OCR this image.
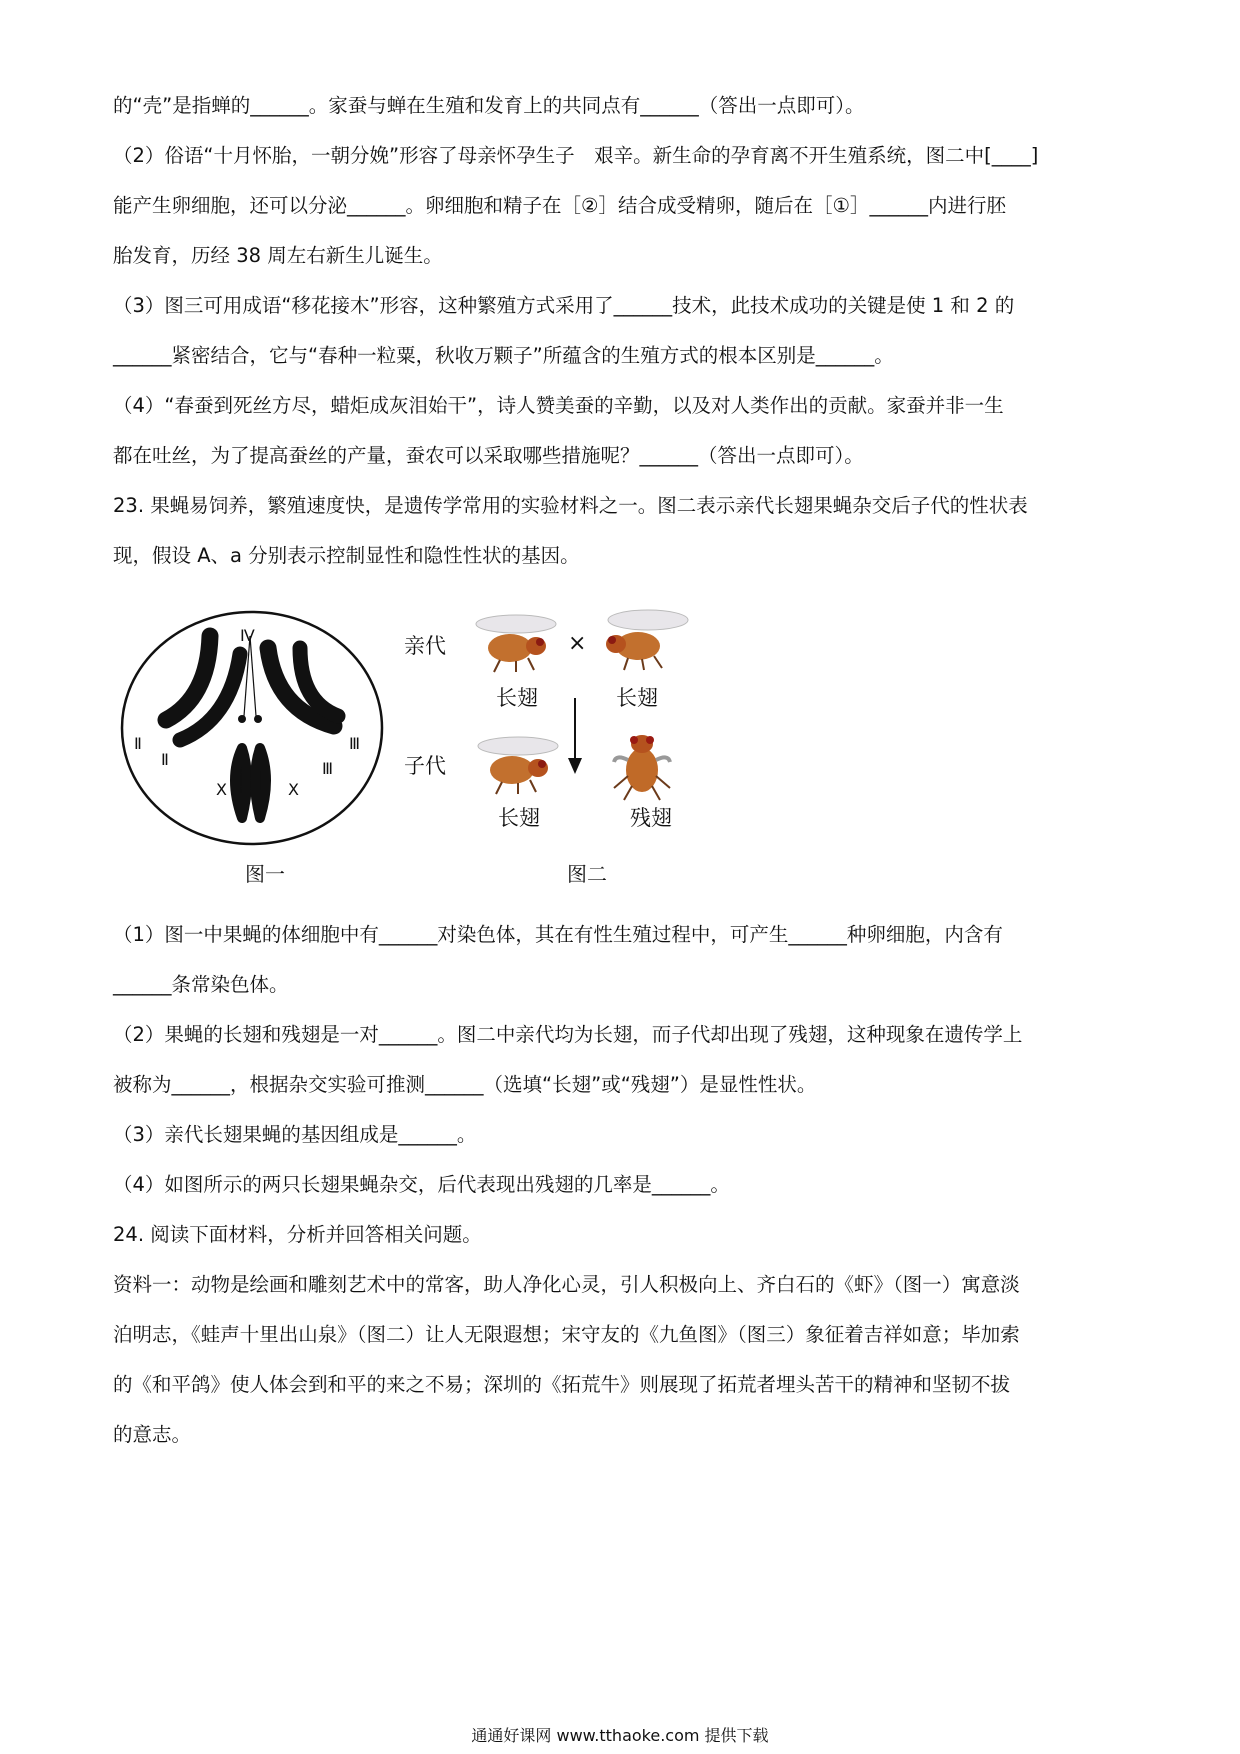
的“壳”是指蝉的______。家蚕与蝉在生殖和发育上的共同点有______（答出一点即可）。
（2）俗语“十月怀胎，一朝分娩”形容了母亲怀孕生子　艰辛。新生命的孕育离不开生殖系统，图二中[____]
能产生卵细胞，还可以分泌______。卵细胞和精子在［②］结合成受精卵，随后在［①］______内进行胚
胎发育，历经 38 周左右新生儿诞生。
（3）图三可用成语“移花接木”形容，这种繁殖方式采用了______技术，此技术成功的关键是使 1 和 2 的
______紧密结合，它与“春种一粒粟，秋收万颗子”所蕴含的生殖方式的根本区别是______。
（4）“春蚕到死丝方尽，蜡炬成灰泪始干”，诗人赞美蚕的辛勤，以及对人类作出的贡献。家蚕并非一生
都在吐丝，为了提高蚕丝的产量，蚕农可以采取哪些措施呢？______（答出一点即可）。
23. 果蝇易饲养，繁殖速度快，是遗传学常用的实验材料之一。图二表示亲代长翅果蝇杂交后子代的性状表
现，假设 A、a 分别表示控制显性和隐性性状的基因。
Ⅳ
Ⅱ
Ⅱ
Ⅲ
Ⅲ
X	X
图一
亲代
子代
×
长翅	长翅
长翅	残翅
图二
（1）图一中果蝇的体细胞中有______对染色体，其在有性生殖过程中，可产生______种卵细胞，内含有
______条常染色体。
（2）果蝇的长翅和残翅是一对______。图二中亲代均为长翅，而子代却出现了残翅，这种现象在遗传学上
被称为______，根据杂交实验可推测______（选填“长翅”或“残翅”）是显性性状。
（3）亲代长翅果蝇的基因组成是______。
（4）如图所示的两只长翅果蝇杂交，后代表现出残翅的几率是______。
24. 阅读下面材料，分析并回答相关问题。
资料一：动物是绘画和雕刻艺术中的常客，助人净化心灵，引人积极向上、齐白石的《虾》（图一）寓意淡
泊明志，《蛙声十里出山泉》（图二）让人无限遐想；宋守友的《九鱼图》（图三）象征着吉祥如意；毕加索
的《和平鸽》使人体会到和平的来之不易；深圳的《拓荒牛》则展现了拓荒者埋头苦干的精神和坚韧不拔
的意志。
通通好课网 www.tthaoke.com 提供下载
